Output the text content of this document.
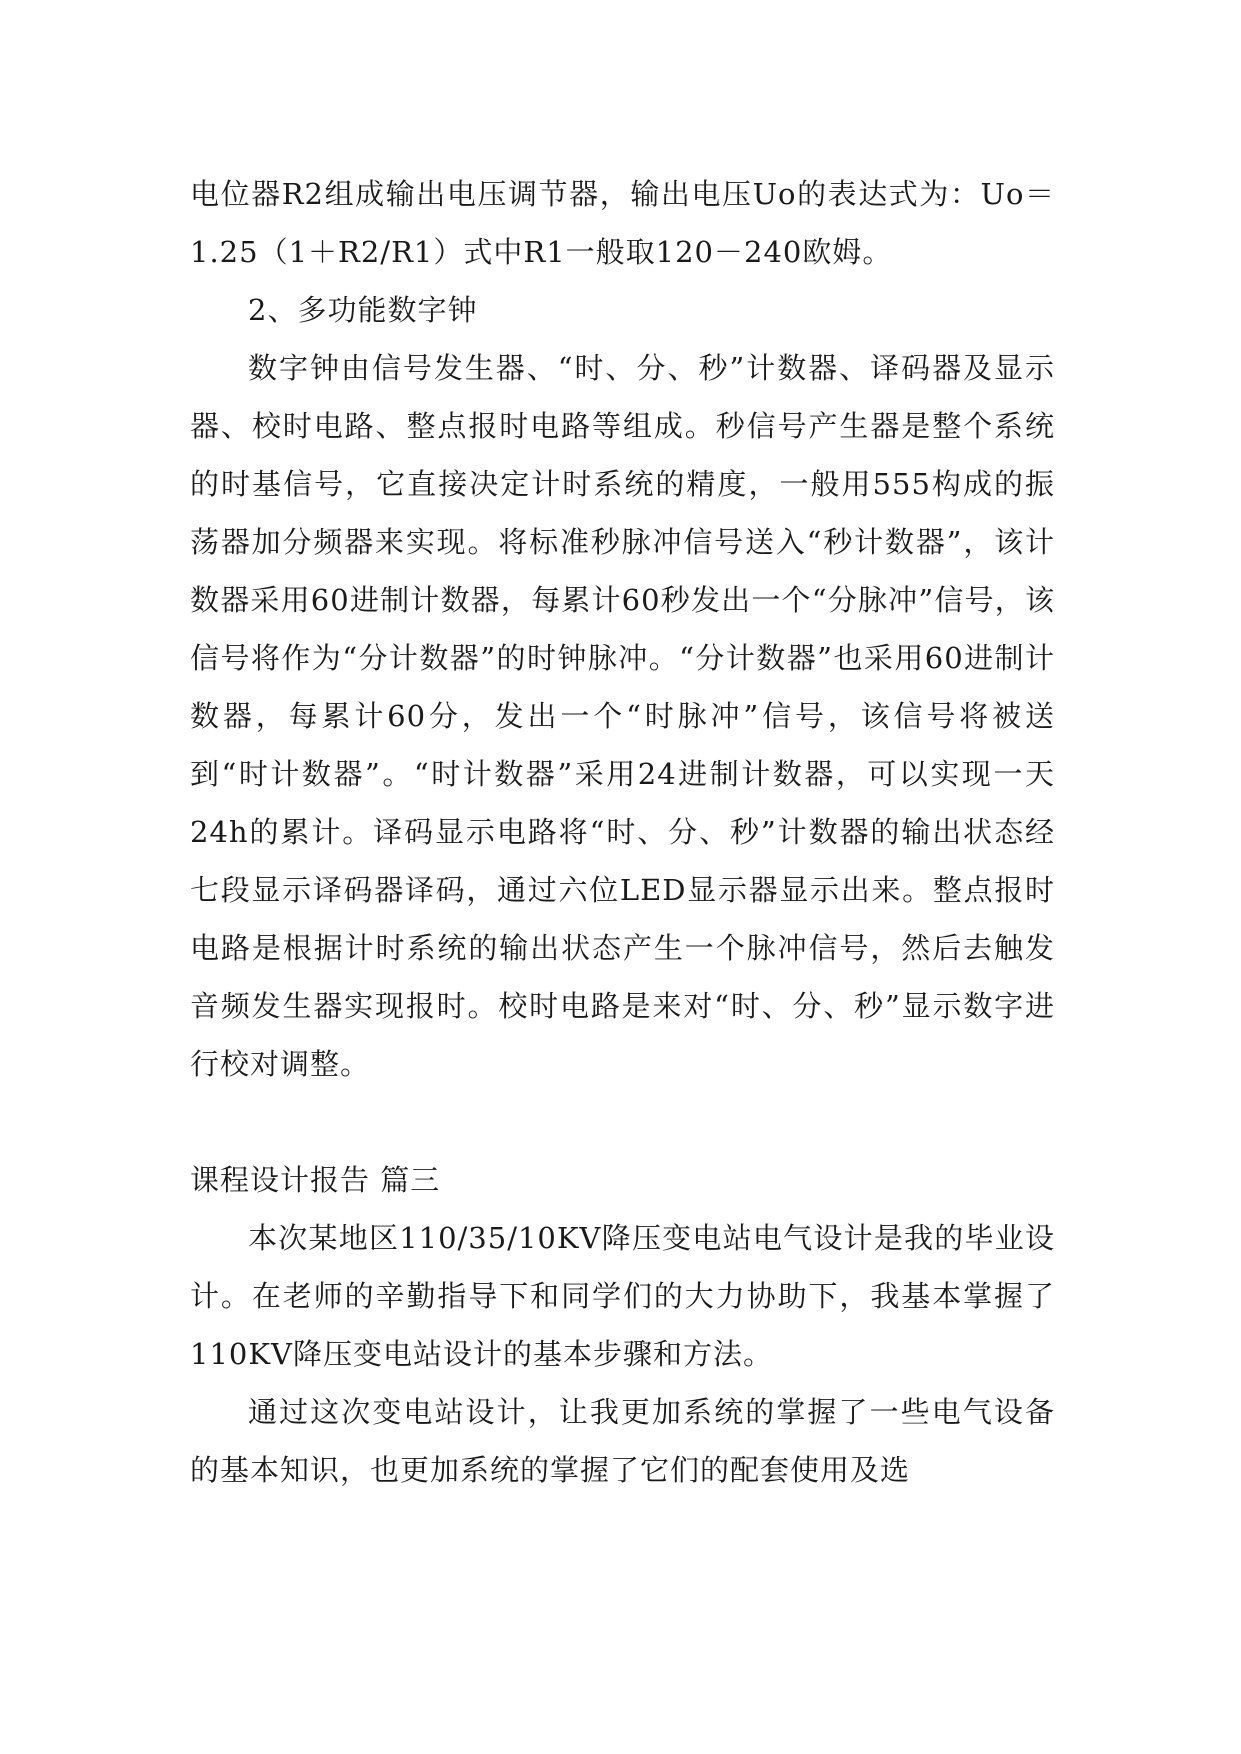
电位器R2组成输出电压调节器，输出电压Uo的表达式为：Uo＝1.25（1＋R2/R1）式中R1一般取120－240欧姆。

2、多功能数字钟

数字钟由信号发生器、“时、分、秒”计数器、译码器及显示器、校时电路、整点报时电路等组成。秒信号产生器是整个系统的时基信号，它直接决定计时系统的精度，一般用555构成的振荡器加分频器来实现。将标准秒脉冲信号送入“秒计数器”，该计数器采用60进制计数器，每累计60秒发出一个“分脉冲”信号，该信号将作为“分计数器”的时钟脉冲。“分计数器”也采用60进制计数器，每累计60分，发出一个“时脉冲”信号，该信号将被送到“时计数器”。“时计数器”采用24进制计数器，可以实现一天24h的累计。译码显示电路将“时、分、秒”计数器的输出状态经七段显示译码器译码，通过六位LED显示器显示出来。整点报时电路是根据计时系统的输出状态产生一个脉冲信号，然后去触发音频发生器实现报时。校时电路是来对“时、分、秒”显示数字进行校对调整。

课程设计报告 篇三

本次某地区110/35/10KV降压变电站电气设计是我的毕业设计。在老师的辛勤指导下和同学们的大力协助下，我基本掌握了110KV降压变电站设计的基本步骤和方法。

通过这次变电站设计，让我更加系统的掌握了一些电气设备的基本知识，也更加系统的掌握了它们的配套使用及选
